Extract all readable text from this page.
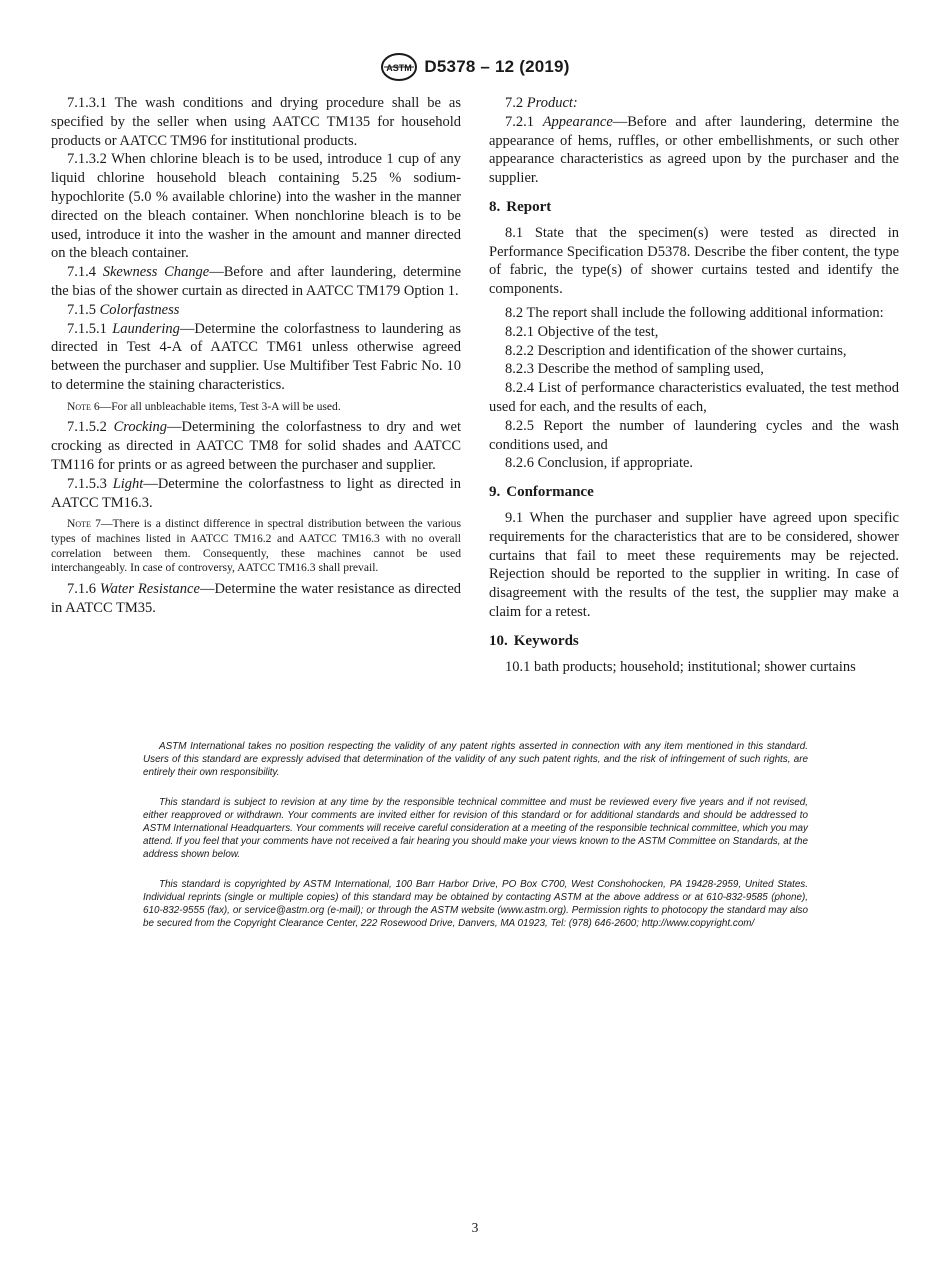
ASTM D5378 – 12 (2019)

7.1.3.1 The wash conditions and drying procedure shall be as specified by the seller when using AATCC TM135 for household products or AATCC TM96 for institutional products.

7.1.3.2 When chlorine bleach is to be used, introduce 1 cup of any liquid chlorine household bleach containing 5.25 % sodium-hypochlorite (5.0 % available chlorine) into the washer in the manner directed on the bleach container. When nonchlorine bleach is to be used, introduce it into the washer in the amount and manner directed on the bleach container.

7.1.4 Skewness Change—Before and after laundering, determine the bias of the shower curtain as directed in AATCC TM179 Option 1.

7.1.5 Colorfastness

7.1.5.1 Laundering—Determine the colorfastness to laundering as directed in Test 4-A of AATCC TM61 unless otherwise agreed between the purchaser and supplier. Use Multifiber Test Fabric No. 10 to determine the staining characteristics.

Note 6—For all unbleachable items, Test 3-A will be used.

7.1.5.2 Crocking—Determining the colorfastness to dry and wet crocking as directed in AATCC TM8 for solid shades and AATCC TM116 for prints or as agreed between the purchaser and supplier.

7.1.5.3 Light—Determine the colorfastness to light as directed in AATCC TM16.3.

Note 7—There is a distinct difference in spectral distribution between the various types of machines listed in AATCC TM16.2 and AATCC TM16.3 with no overall correlation between them. Consequently, these machines cannot be used interchangeably. In case of controversy, AATCC TM16.3 shall prevail.

7.1.6 Water Resistance—Determine the water resistance as directed in AATCC TM35.

7.2 Product:

7.2.1 Appearance—Before and after laundering, determine the appearance of hems, ruffles, or other embellishments, or such other appearance characteristics as agreed upon by the purchaser and the supplier.

8. Report

8.1 State that the specimen(s) were tested as directed in Performance Specification D5378. Describe the fiber content, the type of fabric, the type(s) of shower curtains tested and identify the components.

8.2 The report shall include the following additional information:

8.2.1 Objective of the test,

8.2.2 Description and identification of the shower curtains,

8.2.3 Describe the method of sampling used,

8.2.4 List of performance characteristics evaluated, the test method used for each, and the results of each,

8.2.5 Report the number of laundering cycles and the wash conditions used, and

8.2.6 Conclusion, if appropriate.

9. Conformance

9.1 When the purchaser and supplier have agreed upon specific requirements for the characteristics that are to be considered, shower curtains that fail to meet these requirements may be rejected. Rejection should be reported to the supplier in writing. In case of disagreement with the results of the test, the supplier may make a claim for a retest.

10. Keywords

10.1 bath products; household; institutional; shower curtains

ASTM International takes no position respecting the validity of any patent rights asserted in connection with any item mentioned in this standard. Users of this standard are expressly advised that determination of the validity of any such patent rights, and the risk of infringement of such rights, are entirely their own responsibility.

This standard is subject to revision at any time by the responsible technical committee and must be reviewed every five years and if not revised, either reapproved or withdrawn. Your comments are invited either for revision of this standard or for additional standards and should be addressed to ASTM International Headquarters. Your comments will receive careful consideration at a meeting of the responsible technical committee, which you may attend. If you feel that your comments have not received a fair hearing you should make your views known to the ASTM Committee on Standards, at the address shown below.

This standard is copyrighted by ASTM International, 100 Barr Harbor Drive, PO Box C700, West Conshohocken, PA 19428-2959, United States. Individual reprints (single or multiple copies) of this standard may be obtained by contacting ASTM at the above address or at 610-832-9585 (phone), 610-832-9555 (fax), or service@astm.org (e-mail); or through the ASTM website (www.astm.org). Permission rights to photocopy the standard may also be secured from the Copyright Clearance Center, 222 Rosewood Drive, Danvers, MA 01923, Tel: (978) 646-2600; http://www.copyright.com/

3
